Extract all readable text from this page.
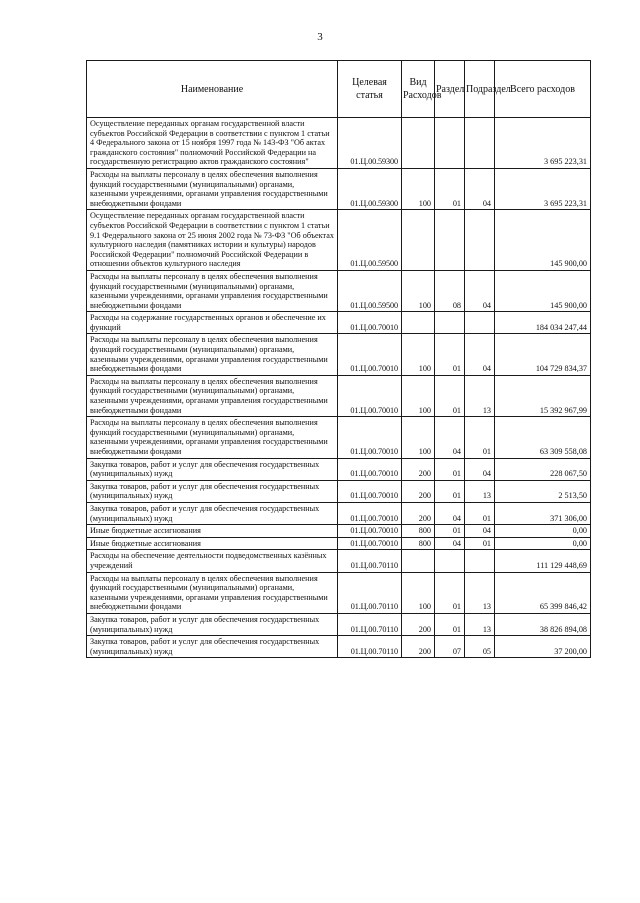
3
Наименование	Целевая статья	Вид Расходов	Раздел	Подраздел	Всего расходов
Осуществление переданных органам государственной власти субъектов Российской Федерации в соответствии с пунктом 1 статьи 4 Федерального закона от 15 ноября 1997 года № 143-ФЗ "Об актах гражданского состояния" полномочий Российской Федерации на государственную регистрацию актов гражданского состояния"	01.Ц.00.59300				3 695 223,31
Расходы на выплаты персоналу в целях обеспечения выполнения функций государственными (муниципальными) органами, казенными учреждениями, органами управления государственными внебюджетными фондами	01.Ц.00.59300	100	01	04	3 695 223,31
Осуществление переданных органам государственной власти субъектов Российской Федерации в соответствии с пунктом 1 статьи 9.1 Федерального закона от 25 июня 2002 года № 73-ФЗ "Об объектах культурного наследия (памятниках истории и культуры) народов Российской Федерации" полномочий Российской Федерации в отношении объектов культурного наследия	01.Ц.00.59500				145 900,00
Расходы на выплаты персоналу в целях обеспечения выполнения функций государственными (муниципальными) органами, казенными учреждениями, органами управления государственными внебюджетными фондами	01.Ц.00.59500	100	08	04	145 900,00
Расходы на содержание государственных органов и обеспечение их функций	01.Ц.00.70010				184 034 247,44
Расходы на выплаты персоналу в целях обеспечения выполнения функций государственными (муниципальными) органами, казенными учреждениями, органами управления государственными внебюджетными фондами	01.Ц.00.70010	100	01	04	104 729 834,37
Расходы на выплаты персоналу в целях обеспечения выполнения функций государственными (муниципальными) органами, казенными учреждениями, органами управления государственными внебюджетными фондами	01.Ц.00.70010	100	01	13	15 392 967,99
Расходы на выплаты персоналу в целях обеспечения выполнения функций государственными (муниципальными) органами, казенными учреждениями, органами управления государственными внебюджетными фондами	01.Ц.00.70010	100	04	01	63 309 558,08
Закупка товаров, работ и услуг для обеспечения государственных (муниципальных) нужд	01.Ц.00.70010	200	01	04	228 067,50
Закупка товаров, работ и услуг для обеспечения государственных (муниципальных) нужд	01.Ц.00.70010	200	01	13	2 513,50
Закупка товаров, работ и услуг для обеспечения государственных (муниципальных) нужд	01.Ц.00.70010	200	04	01	371 306,00
Иные бюджетные ассигнования	01.Ц.00.70010	800	01	04	0,00
Иные бюджетные ассигнования	01.Ц.00.70010	800	04	01	0,00
Расходы на обеспечение деятельности подведомственных казённых учреждений	01.Ц.00.70110				111 129 448,69
Расходы на выплаты персоналу в целях обеспечения выполнения функций государственными (муниципальными) органами, казенными учреждениями, органами управления государственными внебюджетными фондами	01.Ц.00.70110	100	01	13	65 399 846,42
Закупка товаров, работ и услуг для обеспечения государственных (муниципальных) нужд	01.Ц.00.70110	200	01	13	38 826 894,08
Закупка товаров, работ и услуг для обеспечения государственных (муниципальных) нужд	01.Ц.00.70110	200	07	05	37 200,00
